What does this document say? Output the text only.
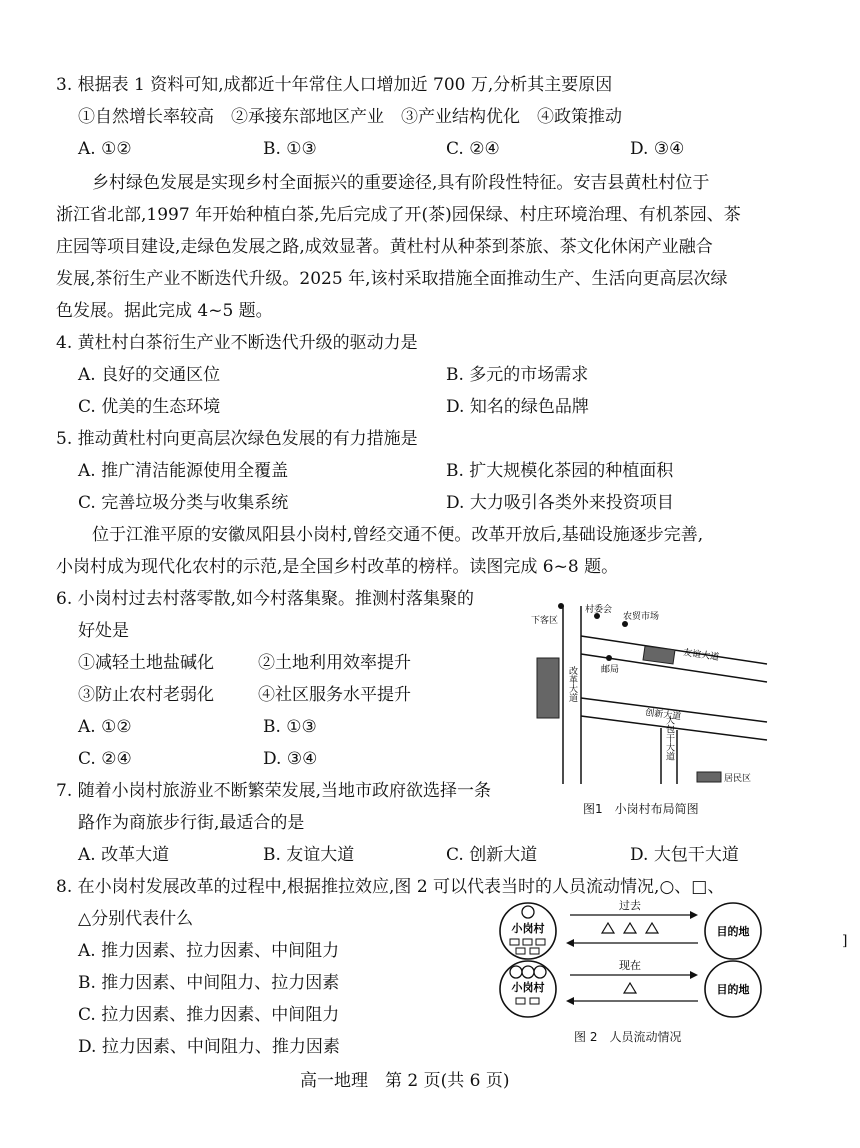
3. 根据表 1 资料可知,成都近十年常住人口增加近 700 万,分析其主要原因
①自然增长率较高　②承接东部地区产业　③产业结构优化　④政策推动
A. ①②	B. ①③	C. ②④	D. ③④
乡村绿色发展是实现乡村全面振兴的重要途径,具有阶段性特征。安吉县黄杜村位于
浙江省北部,1997 年开始种植白茶,先后完成了开(茶)园保绿、村庄环境治理、有机茶园、茶
庄园等项目建设,走绿色发展之路,成效显著。黄杜村从种茶到茶旅、茶文化休闲产业融合
发展,茶衍生产业不断迭代升级。2025 年,该村采取措施全面推动生产、生活向更高层次绿
色发展。据此完成 4~5 题。
4. 黄杜村白茶衍生产业不断迭代升级的驱动力是
A. 良好的交通区位	B. 多元的市场需求
C. 优美的生态环境	D. 知名的绿色品牌
5. 推动黄杜村向更高层次绿色发展的有力措施是
A. 推广清洁能源使用全覆盖	B. 扩大规模化茶园的种植面积
C. 完善垃圾分类与收集系统	D. 大力吸引各类外来投资项目
位于江淮平原的安徽凤阳县小岗村,曾经交通不便。改革开放后,基础设施逐步完善,
小岗村成为现代化农村的示范,是全国乡村改革的榜样。读图完成 6~8 题。
6. 小岗村过去村落零散,如今村落集聚。推测村落集聚的
好处是
①减轻土地盐碱化	②土地利用效率提升
③防止农村老弱化	④社区服务水平提升
A. ①②	B. ①③
C. ②④	D. ③④
7. 随着小岗村旅游业不断繁荣发展,当地市政府欲选择一条
路作为商旅步行街,最适合的是
A. 改革大道	B. 友谊大道	C. 创新大道	D. 大包干大道
8. 在小岗村发展改革的过程中,根据推拉效应,图 2 可以代表当时的人员流动情况,○、□、
△分别代表什么
A. 推力因素、拉力因素、中间阻力
B. 推力因素、中间阻力、拉力因素
C. 拉力因素、推力因素、中间阻力
D. 拉力因素、中间阻力、推力因素
下客区
村委会
农贸市场
邮局
友谊大道
创新大道
改革大道
大包干大道
居民区
图1　小岗村布局简图
小岗村	目的地
过去
小岗村	目的地
现在
图 2　人员流动情况
]
高一地理　第 2 页(共 6 页)
